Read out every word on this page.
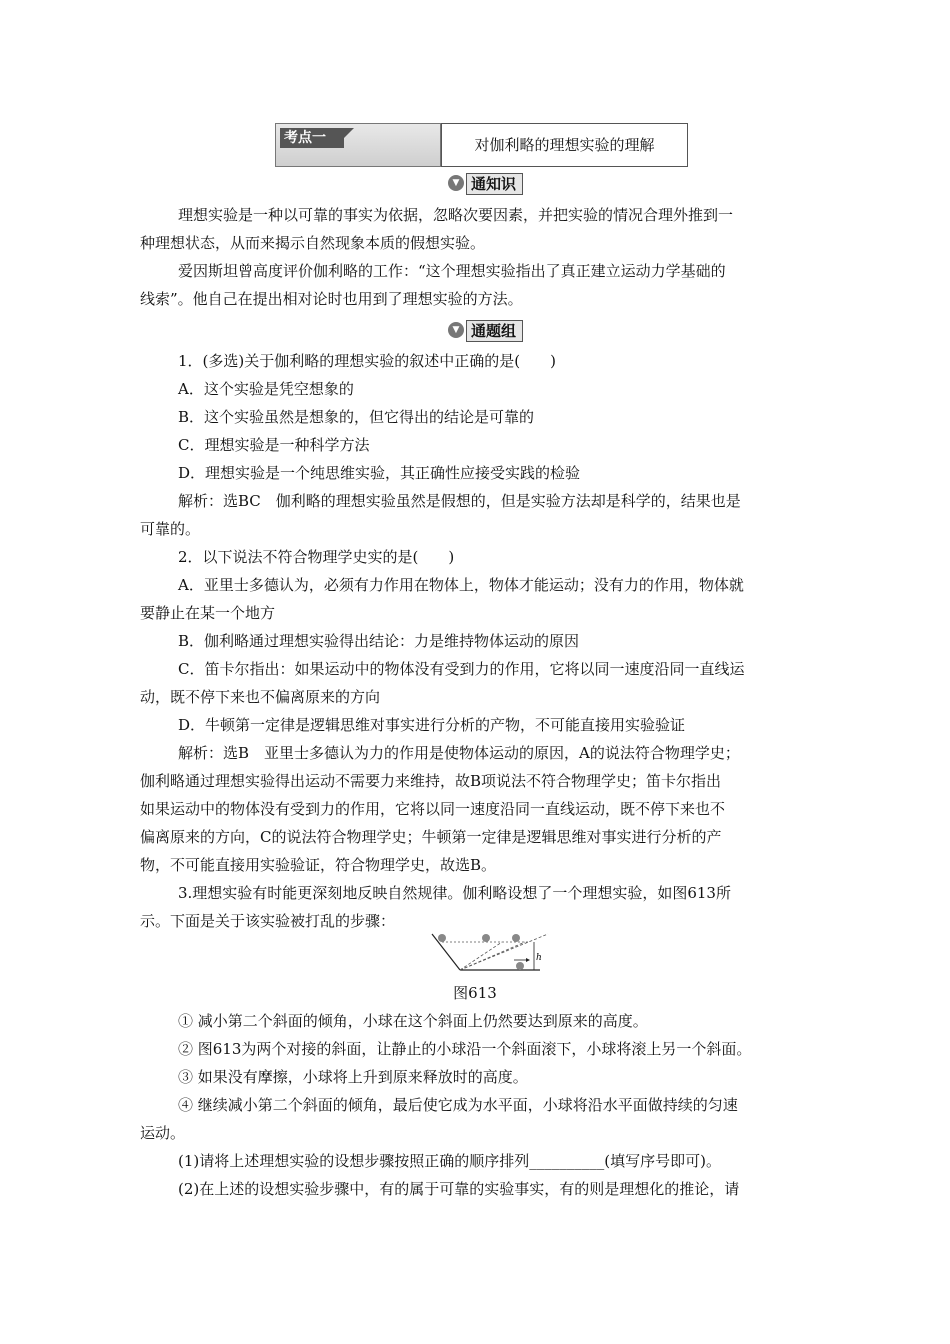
考点一	对伽利略的理想实验的理解
▼ 通知识
理想实验是一种以可靠的事实为依据，忽略次要因素，并把实验的情况合理外推到一
种理想状态，从而来揭示自然现象本质的假想实验。
爱因斯坦曾高度评价伽利略的工作：“这个理想实验指出了真正建立运动力学基础的
线索”。他自己在提出相对论时也用到了理想实验的方法。
▼ 通题组
1．(多选)关于伽利略的理想实验的叙述中正确的是(　　)
A．这个实验是凭空想象的
B．这个实验虽然是想象的，但它得出的结论是可靠的
C．理想实验是一种科学方法
D．理想实验是一个纯思维实验，其正确性应接受实践的检验
解析：选BC　伽利略的理想实验虽然是假想的，但是实验方法却是科学的，结果也是
可靠的。
2．以下说法不符合物理学史实的是(　　)
A．亚里士多德认为，必须有力作用在物体上，物体才能运动；没有力的作用，物体就
要静止在某一个地方
B．伽利略通过理想实验得出结论：力是维持物体运动的原因
C．笛卡尔指出：如果运动中的物体没有受到力的作用，它将以同一速度沿同一直线运
动，既不停下来也不偏离原来的方向
D．牛顿第一定律是逻辑思维对事实进行分析的产物，不可能直接用实验验证
解析：选B　亚里士多德认为力的作用是使物体运动的原因，A的说法符合物理学史；
伽利略通过理想实验得出运动不需要力来维持，故B项说法不符合物理学史；笛卡尔指出
如果运动中的物体没有受到力的作用，它将以同一速度沿同一直线运动，既不停下来也不
偏离原来的方向，C的说法符合物理学史；牛顿第一定律是逻辑思维对事实进行分析的产
物，不可能直接用实验验证，符合物理学史，故选B。
3.理想实验有时能更深刻地反映自然规律。伽利略设想了一个理想实验，如图613所
示。下面是关于该实验被打乱的步骤：
h
图613
① 减小第二个斜面的倾角，小球在这个斜面上仍然要达到原来的高度。
② 图613为两个对接的斜面，让静止的小球沿一个斜面滚下，小球将滚上另一个斜面。
③ 如果没有摩擦，小球将上升到原来释放时的高度。
④ 继续减小第二个斜面的倾角，最后使它成为水平面，小球将沿水平面做持续的匀速
运动。
(1)请将上述理想实验的设想步骤按照正确的顺序排列__________(填写序号即可)。
(2)在上述的设想实验步骤中，有的属于可靠的实验事实，有的则是理想化的推论，请
